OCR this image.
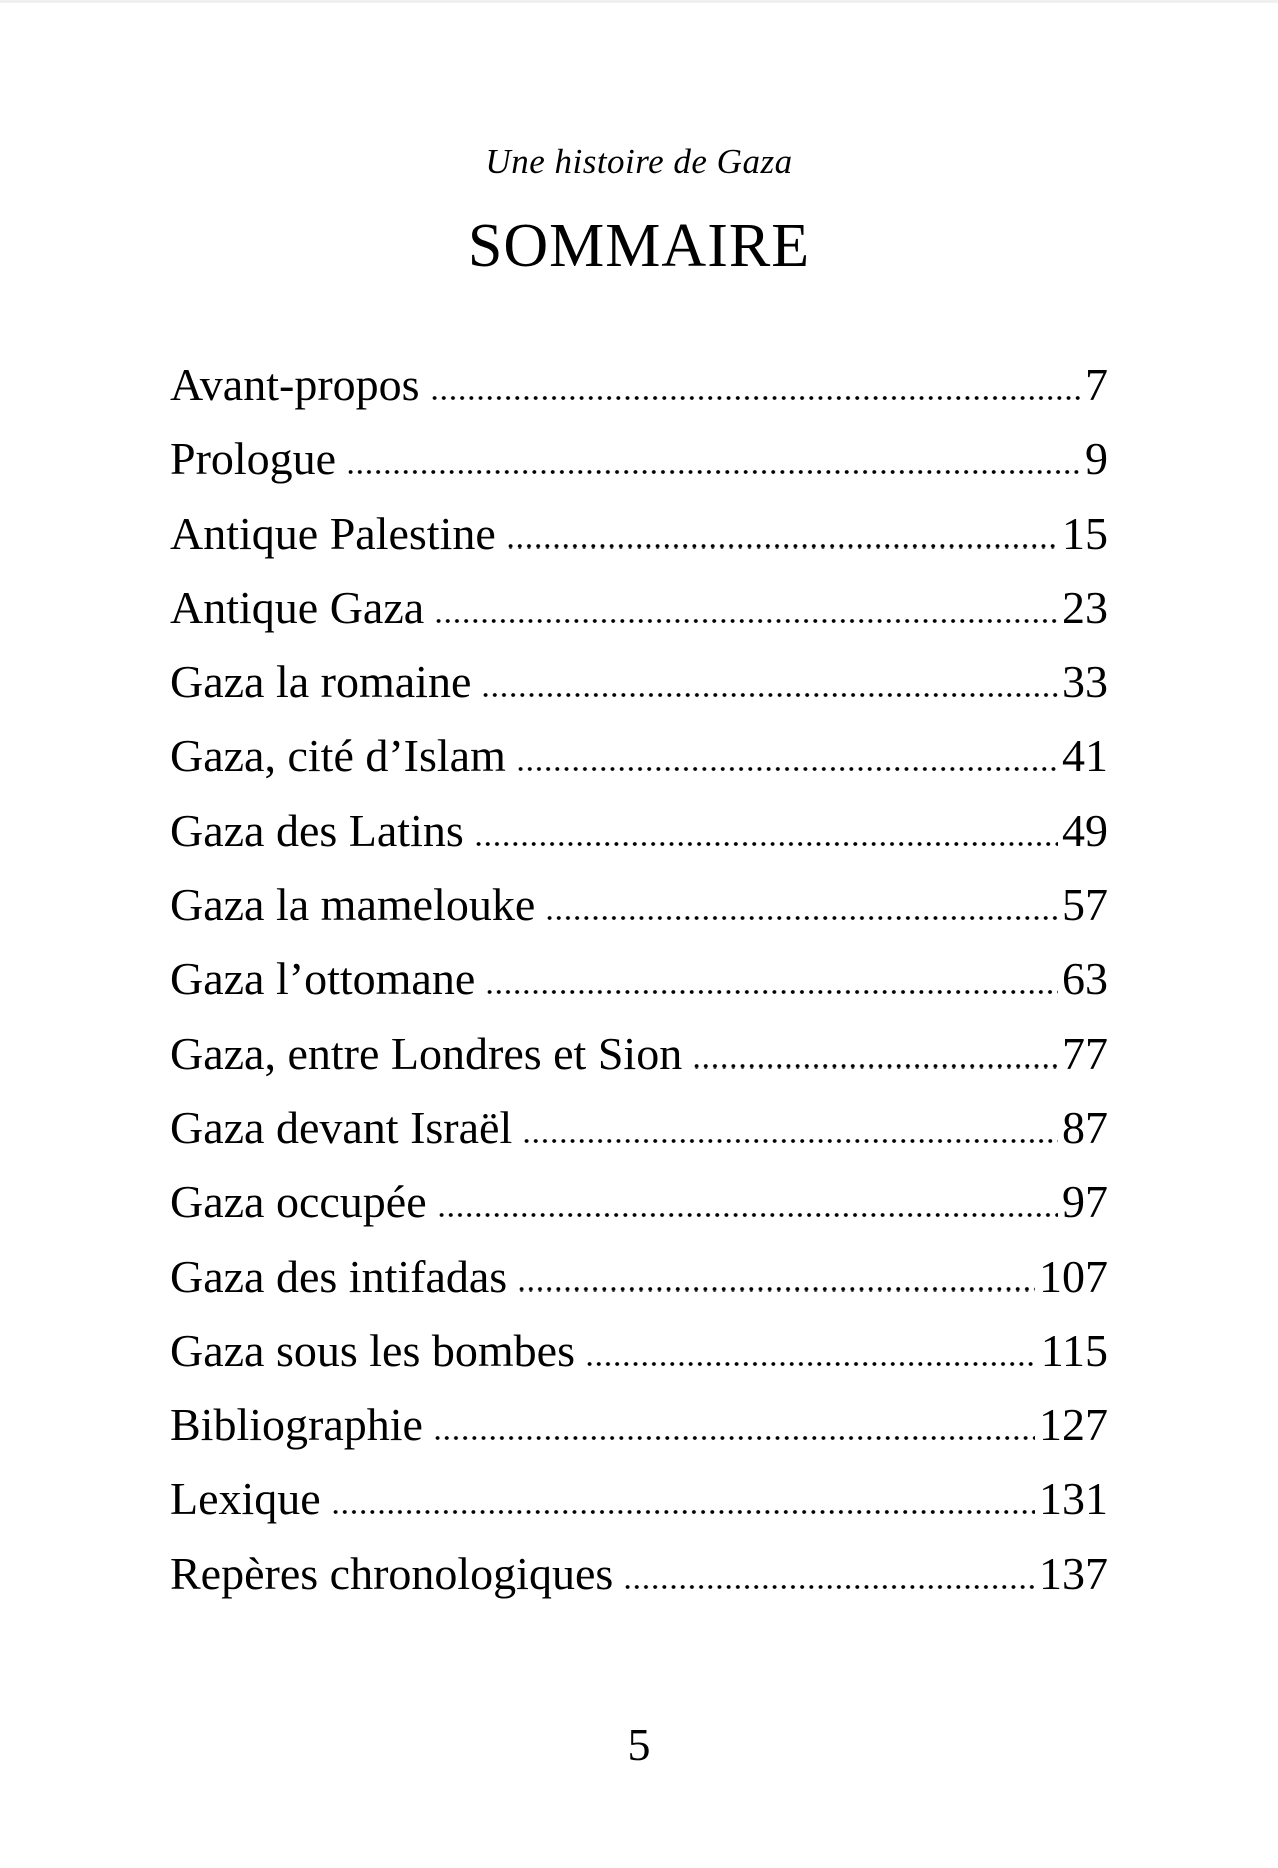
Une histoire de Gaza
SOMMAIRE
Avant-propos	7
Prologue	9
Antique Palestine	15
Antique Gaza	23
Gaza la romaine	33
Gaza, cité d’Islam	41
Gaza des Latins	49
Gaza la mamelouke	57
Gaza l’ottomane	63
Gaza, entre Londres et Sion	77
Gaza devant Israël	87
Gaza occupée	97
Gaza des intifadas	107
Gaza sous les bombes	115
Bibliographie	127
Lexique	131
Repères chronologiques	137
5
